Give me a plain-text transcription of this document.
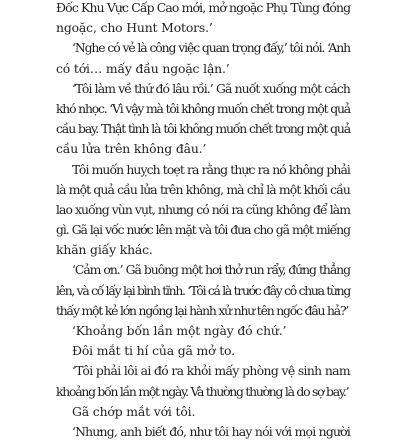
Đốc Khu Vực Cấp Cao mới, mở ngoặc Phụ Tùng đóng
ngoặc, cho Hunt Motors.’
‘Nghe có vẻ là công việc quan trọng đấy,’ tôi nói. ‘Anh
có tới… mấy đầu ngoặc lận.’
‘Tôi làm về thứ đó lâu rồi.’ Gã nuốt xuống một cách
khó nhọc. ‘Vì vậy mà tôi không muốn chết trong một quả
cầu bay. Thật tình là tôi không muốn chết trong một quả
cầu lửa trên không đâu.’
Tôi muốn huỵch toẹt ra rằng thực ra nó không phải
là một quả cầu lửa trên không, mà chỉ là một khối cầu
lao xuống vùn vụt, nhưng có nói ra cũng không để làm
gì. Gã lại vốc nước lên mặt và tôi đưa cho gã một miếng
khăn giấy khác.
‘Cảm ơn.’ Gã buông một hơi thở run rẩy, đứng thẳng
lên, và cố lấy lại bình tĩnh. ‘Tôi cá là trước đây cô chưa từng
thấy một kẻ lớn ngồng lại hành xử như tên ngốc đâu hả?’
‘Khoảng bốn lần một ngày đó chứ.’
Đôi mắt ti hí của gã mở to.
‘Tôi phải lôi ai đó ra khỏi mấy phòng vệ sinh nam
khoảng bốn lần một ngày. Và thường thường là do sợ bay.’
Gã chớp mắt với tôi.
‘Nhưng, anh biết đó, như tôi hay nói với mọi người
